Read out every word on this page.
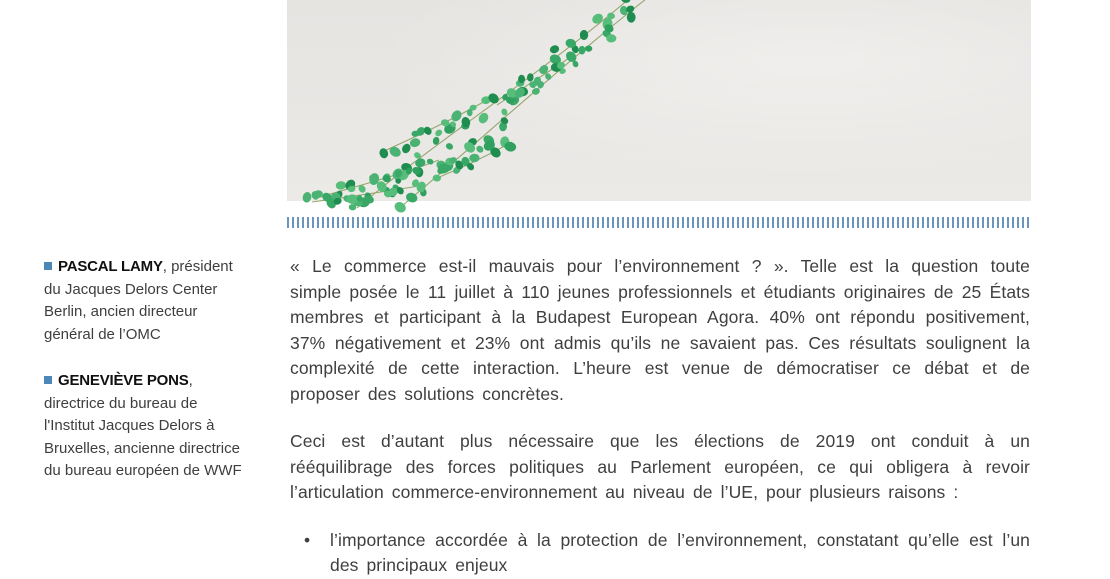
PASCAL LAMY, président du Jacques Delors Center Berlin, ancien directeur général de l’OMC

GENEVIÈVE PONS, directrice du bureau de l'Institut Jacques Delors à Bruxelles, ancienne directrice du bureau européen de WWF

« Le commerce est-il mauvais pour l’environnement ? ». Telle est la question toute simple posée le 11 juillet à 110 jeunes professionnels et étudiants originaires de 25 États membres et participant à la Budapest European Agora. 40% ont répondu positivement, 37% négativement et 23% ont admis qu’ils ne savaient pas. Ces résultats soulignent la complexité de cette interaction. L’heure est venue de démocratiser ce débat et de proposer des solutions concrètes.

Ceci est d’autant plus nécessaire que les élections de 2019 ont conduit à un rééquilibrage des forces politiques au Parlement européen, ce qui obligera à revoir l’articulation commerce-environnement au niveau de l’UE, pour plusieurs raisons :

•	l’importance accordée à la protection de l’environnement, constatant qu’elle est l’un des principaux enjeux
